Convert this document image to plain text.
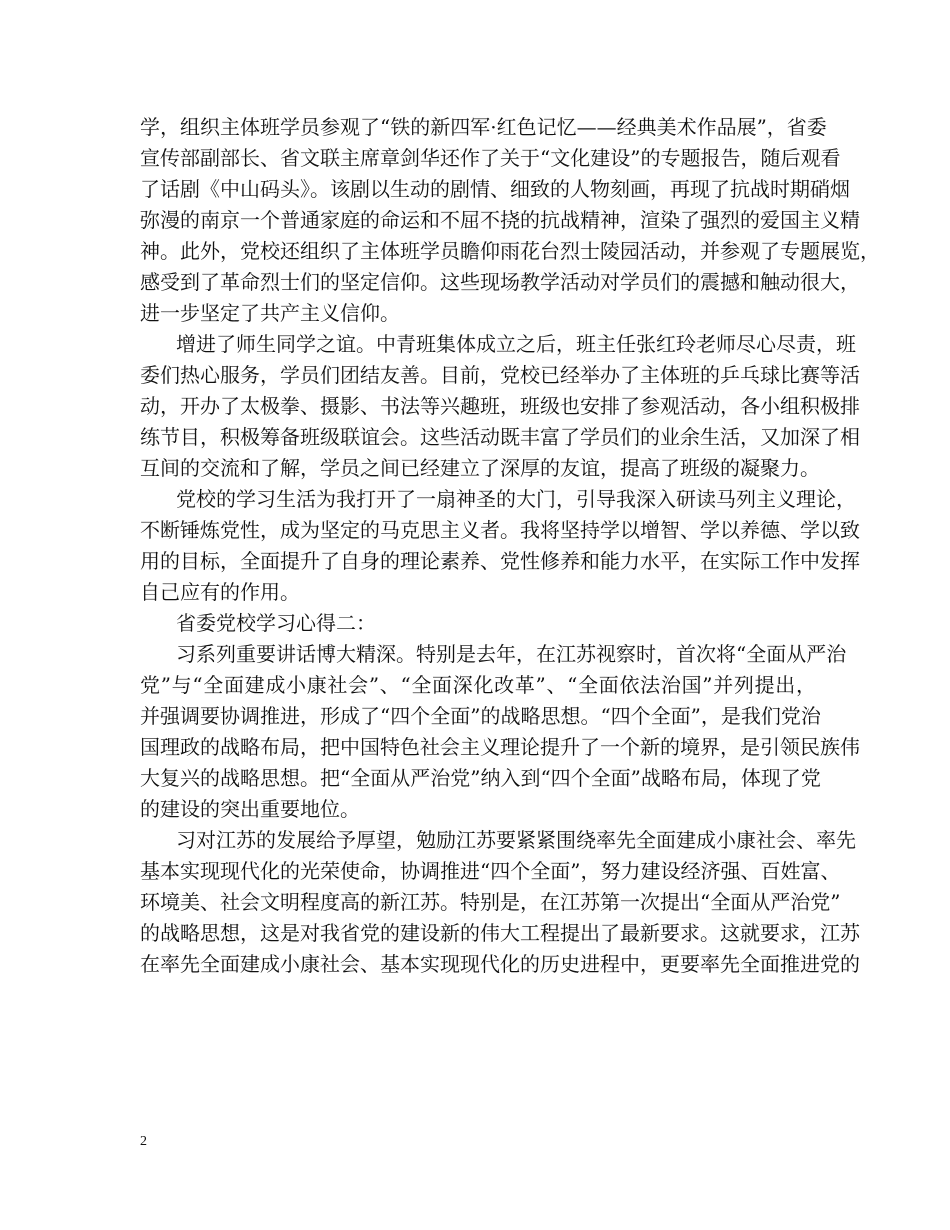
学，组织主体班学员参观了“铁的新四军·红色记忆——经典美术作品展”，省委
宣传部副部长、省文联主席章剑华还作了关于“文化建设”的专题报告，随后观看
了话剧《中山码头》。该剧以生动的剧情、细致的人物刻画，再现了抗战时期硝烟
弥漫的南京一个普通家庭的命运和不屈不挠的抗战精神，渲染了强烈的爱国主义精
神。此外，党校还组织了主体班学员瞻仰雨花台烈士陵园活动，并参观了专题展览，
感受到了革命烈士们的坚定信仰。这些现场教学活动对学员们的震撼和触动很大，
进一步坚定了共产主义信仰。
增进了师生同学之谊。中青班集体成立之后，班主任张红玲老师尽心尽责，班
委们热心服务，学员们团结友善。目前，党校已经举办了主体班的乒乓球比赛等活
动，开办了太极拳、摄影、书法等兴趣班，班级也安排了参观活动，各小组积极排
练节目，积极筹备班级联谊会。这些活动既丰富了学员们的业余生活，又加深了相
互间的交流和了解，学员之间已经建立了深厚的友谊，提高了班级的凝聚力。
党校的学习生活为我打开了一扇神圣的大门，引导我深入研读马列主义理论，
不断锤炼党性，成为坚定的马克思主义者。我将坚持学以增智、学以养德、学以致
用的目标，全面提升了自身的理论素养、党性修养和能力水平，在实际工作中发挥
自己应有的作用。
省委党校学习心得二：
习系列重要讲话博大精深。特别是去年，在江苏视察时，首次将“全面从严治
党”与“全面建成小康社会”、“全面深化改革”、“全面依法治国”并列提出，
并强调要协调推进，形成了“四个全面”的战略思想。“四个全面”，是我们党治
国理政的战略布局，把中国特色社会主义理论提升了一个新的境界，是引领民族伟
大复兴的战略思想。把“全面从严治党”纳入到“四个全面”战略布局，体现了党
的建设的突出重要地位。
习对江苏的发展给予厚望，勉励江苏要紧紧围绕率先全面建成小康社会、率先
基本实现现代化的光荣使命，协调推进“四个全面”，努力建设经济强、百姓富、
环境美、社会文明程度高的新江苏。特别是，在江苏第一次提出“全面从严治党”
的战略思想，这是对我省党的建设新的伟大工程提出了最新要求。这就要求，江苏
在率先全面建成小康社会、基本实现现代化的历史进程中，更要率先全面推进党的
2
